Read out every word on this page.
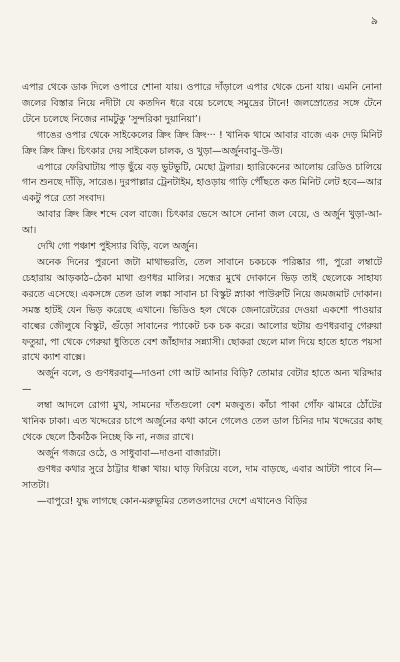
৯

এপার থেকে ডাক দিলে ওপারে শোনা যায়। ওপারে দাঁড়ালে এপার থেকে চেনা যায়। এমনি নোনা জলের বিস্তার নিয়ে নদীটা যে কতদিন ধরে বয়ে চলেছে সমুদ্রের টানে! জলস্রোতের সঙ্গে টেনে টেনে চলেছে নিজের নামটুকু ‘সুন্দরিকা দুয়ানিয়া’।

গাঙের ওপার থেকে সাইকেলের ক্রিং ক্রিং ক্রিং··· ! খানিক থামে আবার বাজে এক দেড় মিনিট ক্রিং ক্রিং ক্রিং। চিৎকার দেয় সাইকেল চালক, ও খুড়া—অর্জুনবাবু–উ-উ।

এপারে ফেরিঘাটায় পাড় ছুঁয়ে বড় ভুটভুটি, মেছো ট্রলার। হ্যারিকেনের আলোয় রেডিও চালিয়ে গান শুনছে দাঁড়ি, সারেঙ। দুরপাল্লার ট্রেনটাইম, হাওড়ায় গাড়ি পৌঁছতে কত মিনিট লেট হবে—আর একটু পরে তো সংবাদ।

আবার ক্রিং ক্রিং শব্দে বেল বাজে। চিৎকার ভেসে আসে নোনা জল বেয়ে, ও অর্জুন খুড়া-আ-আ।

দেখি গো পঞ্চাশ পুইস্যার বিড়ি, বলে অর্জুন।

অনেক দিনের পুরনো জটা মাথাভরতি, তেল সাবানে চকচকে পরিষ্কার গা, পুরো লম্বাটে চেহারায় আড়কাঠ–ঠেকা মাথা গুণধর মালির। সন্ধের মুখে দোকানে ভিড় তাই ছেলেকে সাহায্য করতে এসেছে। একসঙ্গে তেল ডাল লঙ্কা সাবান চা বিস্কুট স্ন্যাকা পাউরুটি নিয়ে জমজমাট দোকান। সমস্ত হাটই যেন ভিড় করেছে এখানে। ভিডিও হল থেকে জেনারেটরের দেওয়া একশো পাওয়ার বাল্বের জৌলুষে বিস্কুট, গুঁড়ো সাবানের প্যাকেট চক চক করে। আলোর ছটায় গুণধরবাবু গেরুয়া ফতুয়া, পা থেকে গেরুয়া ধুতিতে বেশ জাঁহাদার সন্ন্যাসী। ছোকরা ছেলে মাল দিয়ে হাতে হাতে পয়সা রাখে ক্যাশ বাক্সে।

অর্জুন বলে, ও গুণধরবাবু—দাওনা গো আট আনার বিড়ি? তোমার বেটার হাতে অন্য খরিদ্দার—

লম্বা আদলে রোগা মুখ, সামনের দাঁতগুলো বেশ মজবুত। কাঁচা পাকা গোঁফ ঝামরে ঠোঁটের খানিক ঢাকা। এত খদ্দেরের চাপে অর্জুনের কথা কানে গেলেও তেল ডাল চিনির দাম খদ্দেরের কাছ থেকে ছেলে ঠিকঠিক নিচ্ছে কি না, নজর রাখে।

অর্জুন গজরে ওঠে, ও সাধুবাবা—দাওনা বাজারটা।

গুণধর কথার সুরে ঠাট্টার ধাক্কা খায়। ঘাড় ফিরিয়ে বলে, দাম বাড়ছে, এবার আটটা পাবে নি—সাতটা।

—বাপুরে! যুদ্ধ লাগছে কোন-মরুভূমির তেলওলাদের দেশে এখানেও বিড়ির
